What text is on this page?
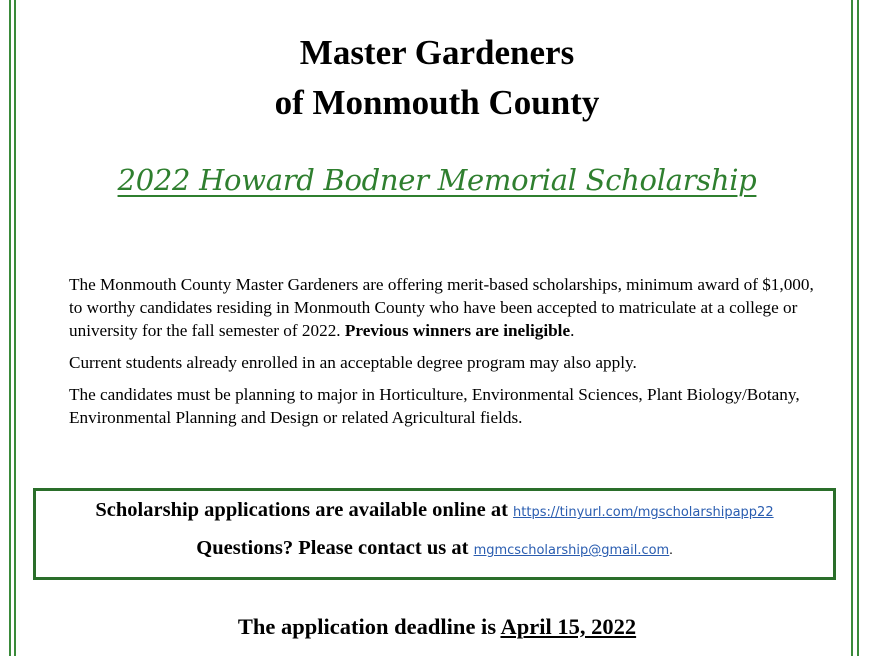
Master Gardeners
of Monmouth County
2022 Howard Bodner Memorial Scholarship

The Monmouth County Master Gardeners are offering merit-based scholarships, minimum award of $1,000, to worthy candidates residing in Monmouth County who have been accepted to matriculate at a college or university for the fall semester of 2022. Previous winners are ineligible.

Current students already enrolled in an acceptable degree program may also apply.

The candidates must be planning to major in Horticulture, Environmental Sciences, Plant Biology/Botany, Environmental Planning and Design or related Agricultural fields.

Scholarship applications are available online at https://tinyurl.com/mgscholarshipapp22
Questions? Please contact us at mgmcscholarship@gmail.com.
The application deadline is April 15, 2022
